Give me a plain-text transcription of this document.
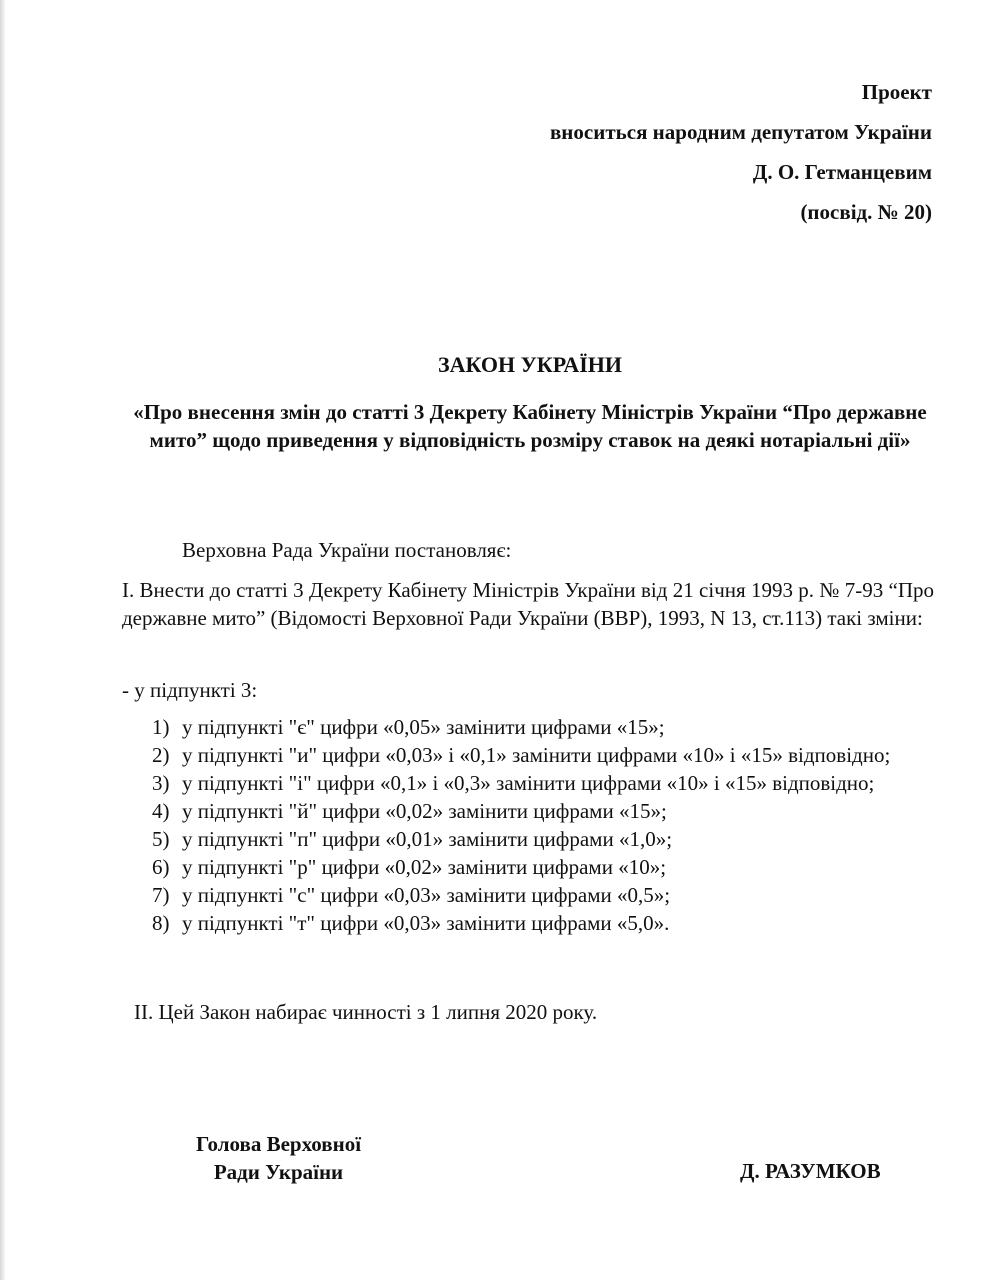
Проект
вноситься народним депутатом України
Д. О. Гетманцевим
(посвід. № 20)
ЗАКОН УКРАЇНИ
«Про внесення змін до статті 3 Декрету Кабінету Міністрів України “Про державне мито” щодо приведення у відповідність розміру ставок на деякі нотаріальні дії»
Верховна Рада України постановляє:
I. Внести до статті 3 Декрету Кабінету Міністрів України від 21 січня 1993 р. № 7-93 “Про державне мито” (Відомості Верховної Ради України (ВВР), 1993, N 13, ст.113) такі зміни:
- у підпункті 3:
1) у підпункті "є" цифри «0,05» замінити цифрами «15»;
2) у підпункті "и" цифри «0,03» і «0,1» замінити цифрами «10» і «15» відповідно;
3) у підпункті "і" цифри «0,1» і «0,3» замінити цифрами «10» і «15» відповідно;
4) у підпункті "й" цифри «0,02» замінити цифрами «15»;
5) у підпункті "п" цифри «0,01» замінити цифрами «1,0»;
6) у підпункті "р" цифри «0,02» замінити цифрами «10»;
7) у підпункті "с" цифри «0,03» замінити цифрами «0,5»;
8) у підпункті "т" цифри «0,03» замінити цифрами «5,0».
II. Цей Закон набирає чинності з 1 липня 2020 року.
Голова Верховної
Ради України	Д. РАЗУМКОВ
